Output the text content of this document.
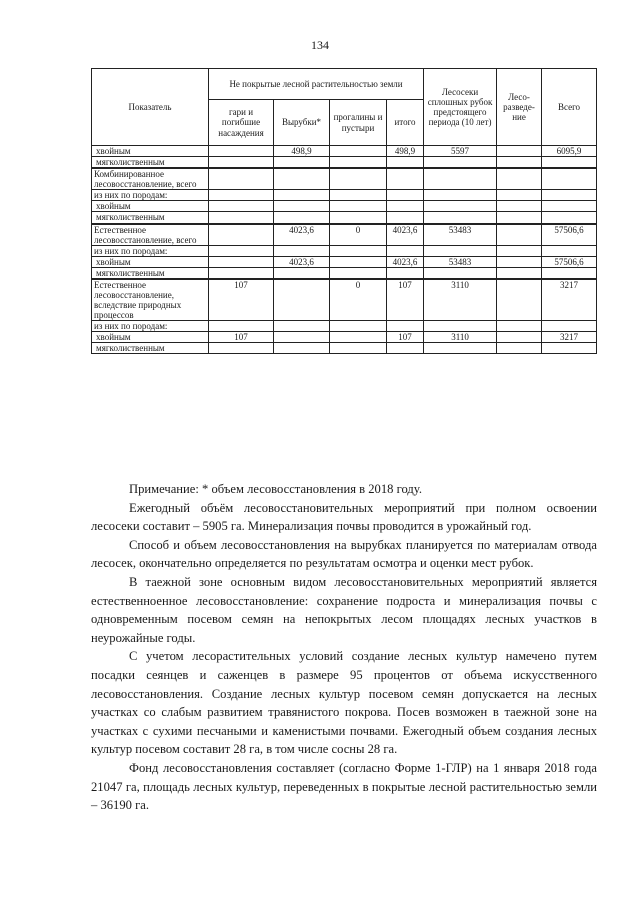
134
Показатель	Не покрытые лесной растительностью земли				Лесосеки сплошных рубок предстоящего периода (10 лет)	Лесо-разведе-ние	Всего
	гари и погибшие насаждения	Вырубки*	прогалины и пустыри	итого			
хвойным		498,9		498,9	5597		6095,9
мягколиственным							
Комбинированное лесовосстановление, всего							
из них по породам:							
хвойным							
мягколиственным							
Естественное лесовосстановление, всего		4023,6	0	4023,6	53483		57506,6
из них по породам:							
хвойным		4023,6		4023,6	53483		57506,6
мягколиственным							
Естественное лесовосстановление, вследствие природных процессов	107		0	107	3110		3217
из них по породам:							
хвойным	107			107	3110		3217
мягколиственным							

Примечание: * объем лесовосстановления в 2018 году.

Ежегодный объём лесовосстановительных мероприятий при полном освоении лесосеки составит – 5905 га. Минерализация почвы проводится в урожайный год.

Способ и объем лесовосстановления на вырубках планируется по материалам отвода лесосек, окончательно определяется по результатам осмотра и оценки мест рубок.

В таежной зоне основным видом лесовосстановительных мероприятий является естественноенное лесовосстановление: сохранение подроста и минерализация почвы с одновременным посевом семян на непокрытых лесом площадях лесных участков в неурожайные годы.

С учетом лесорастительных условий создание лесных культур намечено путем посадки сеянцев и саженцев в размере 95 процентов от объема искусственного лесовосстановления. Создание лесных культур посевом семян допускается на лесных участках со слабым развитием травянистого покрова. Посев возможен в таежной зоне на участках с сухими песчаными и каменистыми почвами. Ежегодный объем создания лесных культур посевом составит 28 га, в том числе сосны 28 га.

Фонд лесовосстановления составляет (согласно Форме 1-ГЛР) на 1 января 2018 года 21047 га, площадь лесных культур, переведенных в покрытые лесной растительностью земли – 36190 га.
